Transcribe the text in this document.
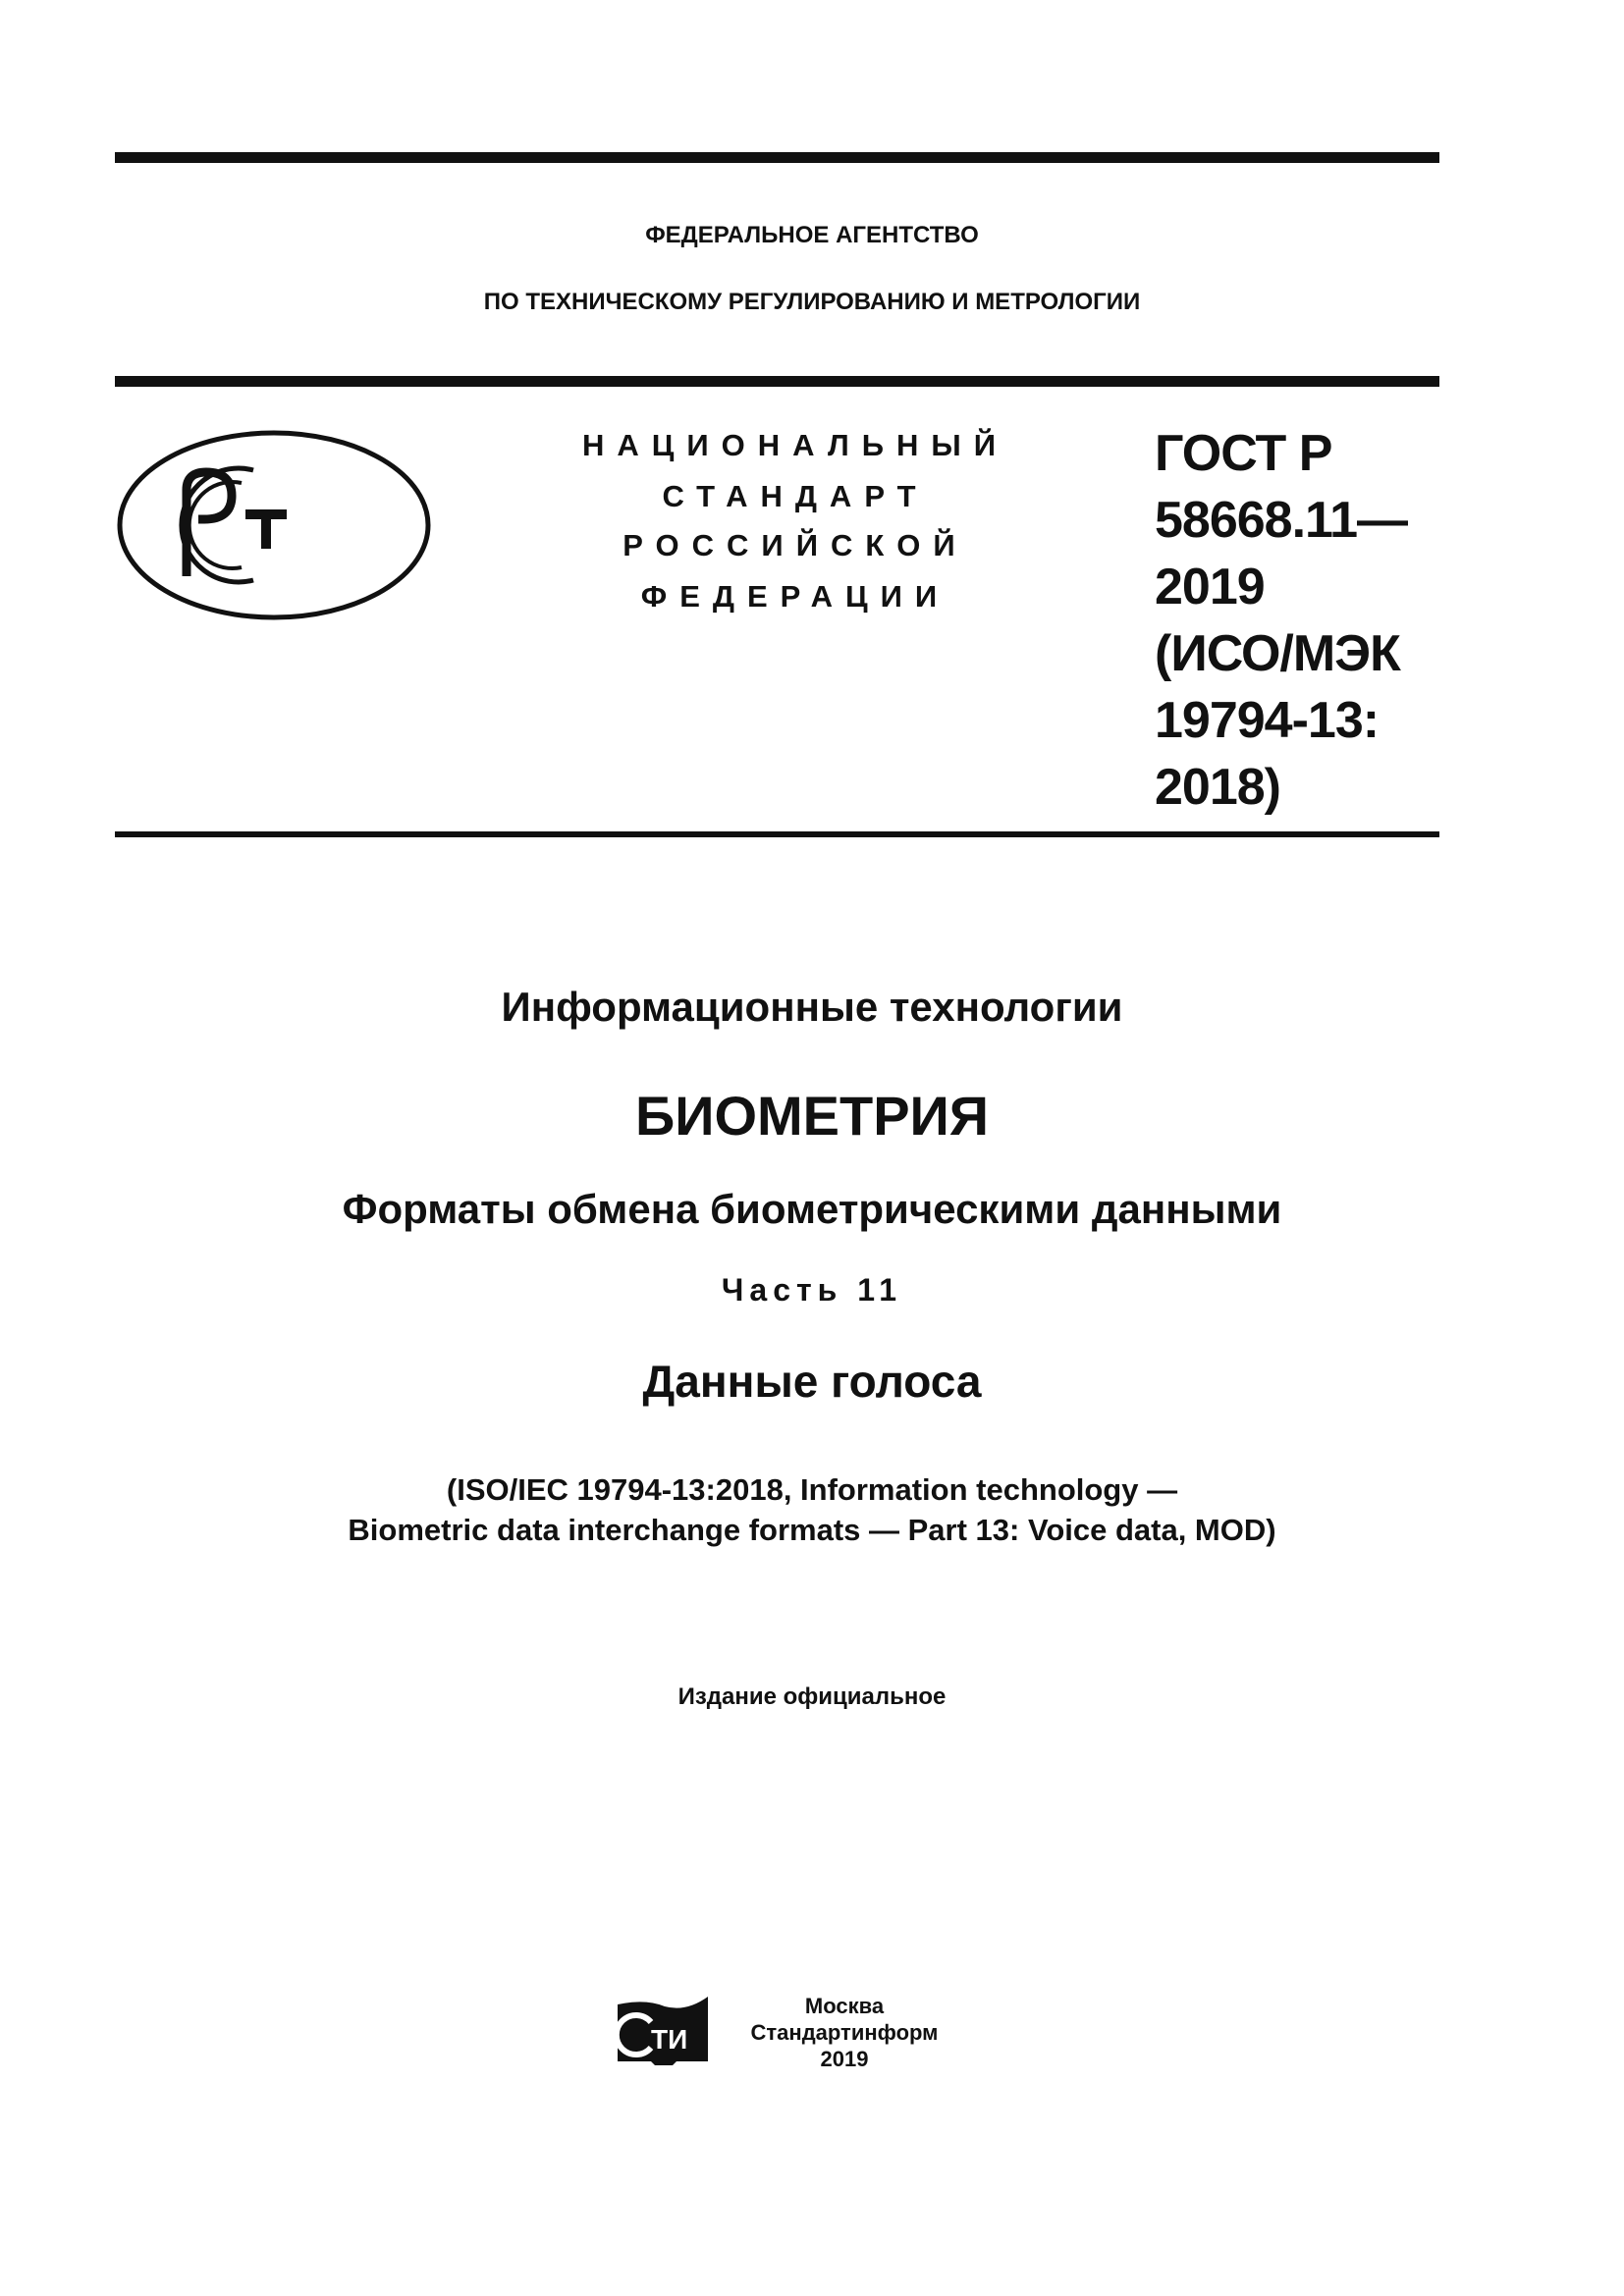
ФЕДЕРАЛЬНОЕ АГЕНТСТВО
ПО ТЕХНИЧЕСКОМУ РЕГУЛИРОВАНИЮ И МЕТРОЛОГИИ
НАЦИОНАЛЬНЫЙ
СТАНДАРТ
РОССИЙСКОЙ
ФЕДЕРАЦИИ
ГОСТ Р
58668.11—
2019
(ИСО/МЭК
19794-13:
2018)
Информационные технологии
БИОМЕТРИЯ
Форматы обмена биометрическими данными
Часть 11
Данные голоса
(ISO/IEC 19794-13:2018, Information technology —
Biometric data interchange formats — Part 13: Voice data, MOD)
Издание официальное
ТИ
Москва
Стандартинформ
2019
